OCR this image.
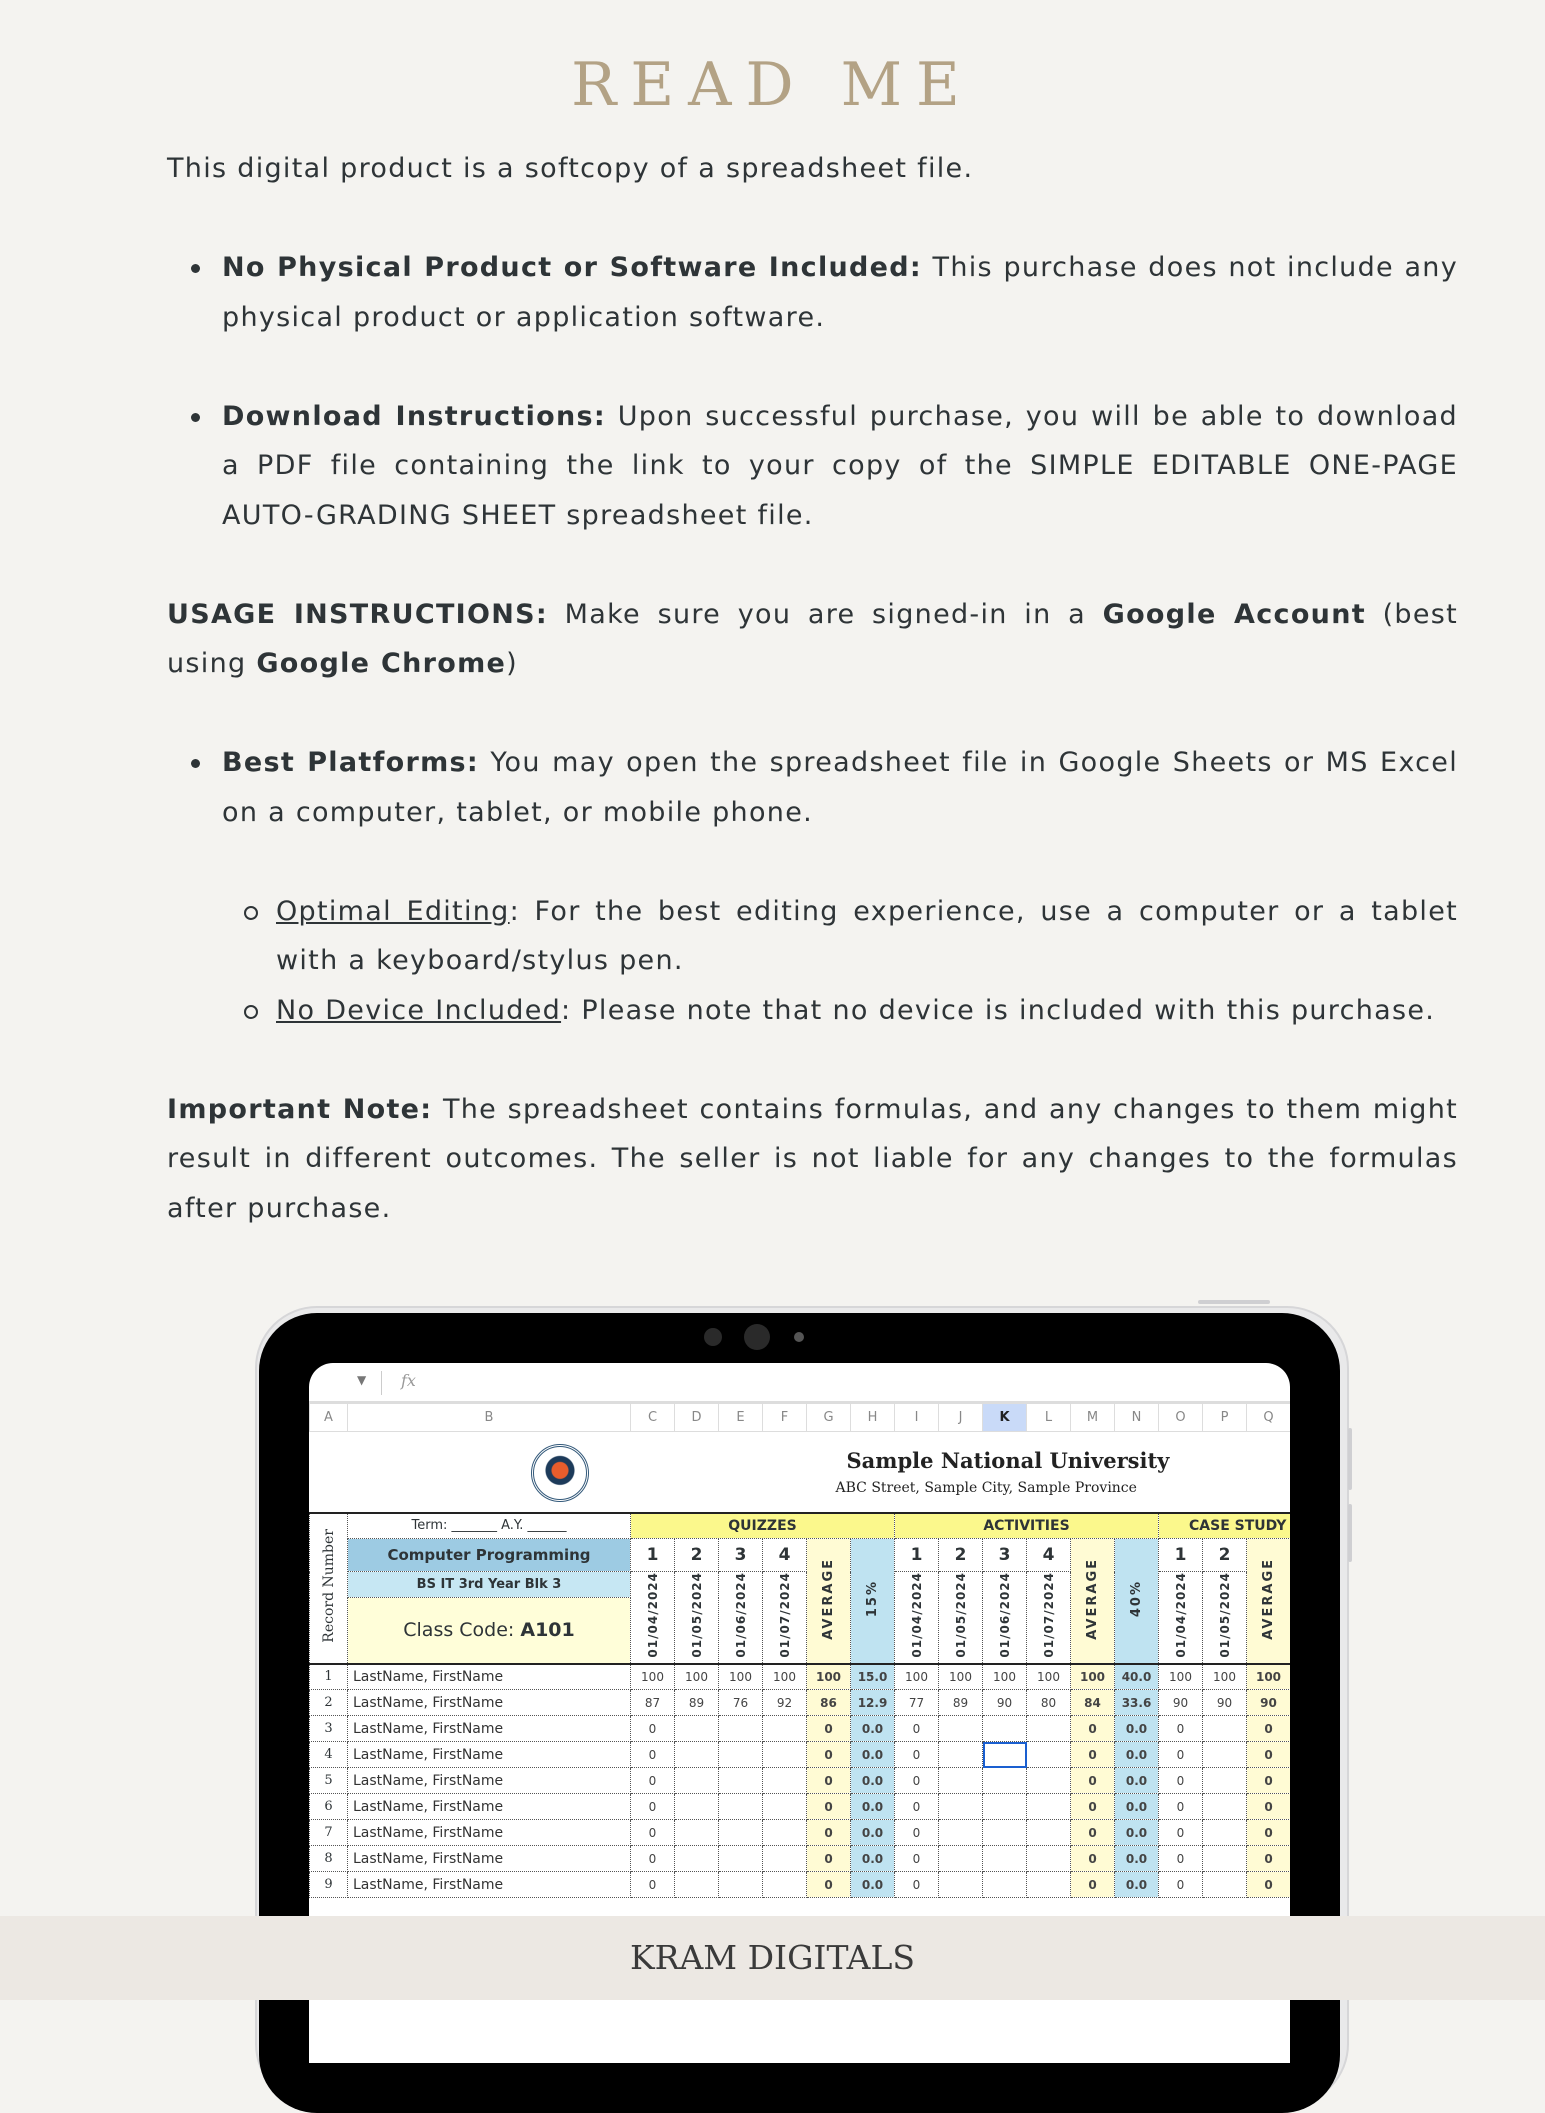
READ ME

This digital product is a softcopy of a spreadsheet file.

No Physical Product or Software Included: This purchase does not include any physical product or application software.
Download Instructions: Upon successful purchase, you will be able to download a PDF file containing the link to your copy of the SIMPLE EDITABLE ONE-PAGE AUTO-GRADING SHEET spreadsheet file.

USAGE INSTRUCTIONS: Make sure you are signed-in in a Google Account (best using Google Chrome)

Best Platforms: You may open the spreadsheet file in Google Sheets or MS Excel on a computer, tablet, or mobile phone.
Optimal Editing: For the best editing experience, use a computer or a tablet with a keyboard/stylus pen.
No Device Included: Please note that no device is included with this purchase.

Important Note: The spreadsheet contains formulas, and any changes to them might result in different outcomes. The seller is not liable for any changes to the formulas after purchase.

▼ fx
A	B	C	D	E	F	G	H	I	J	K	L	M	N	O	P	Q

Sample National University
ABC Street, Sample City, Sample Province																

Record Number	Term: _______ A.Y. ______	QUIZZES						ACTIVITIES						CASE STUDY		
	Computer Programming	1	2	3	4	AVERAGE	15%	1	2	3	4	AVERAGE	40%	1	2	AVERAGE
	BS IT 3rd Year Blk 3	01/04/2024	01/05/2024	01/06/2024	01/07/2024			01/04/2024	01/05/2024	01/06/2024	01/07/2024			01/04/2024	01/05/2024	
	Class Code: A101															
1	LastName, FirstName	100	100	100	100	100	15.0	100	100	100	100	100	40.0	100	100	100
2	LastName, FirstName	87	89	76	92	86	12.9	77	89	90	80	84	33.6	90	90	90
3	LastName, FirstName	0				0	0.0	0				0	0.0	0		0
4	LastName, FirstName	0				0	0.0	0				0	0.0	0		0
5	LastName, FirstName	0				0	0.0	0				0	0.0	0		0
6	LastName, FirstName	0				0	0.0	0				0	0.0	0		0
7	LastName, FirstName	0				0	0.0	0				0	0.0	0		0
8	LastName, FirstName	0				0	0.0	0				0	0.0	0		0
9	LastName, FirstName	0				0	0.0	0				0	0.0	0		0
KRAM DIGITALS
